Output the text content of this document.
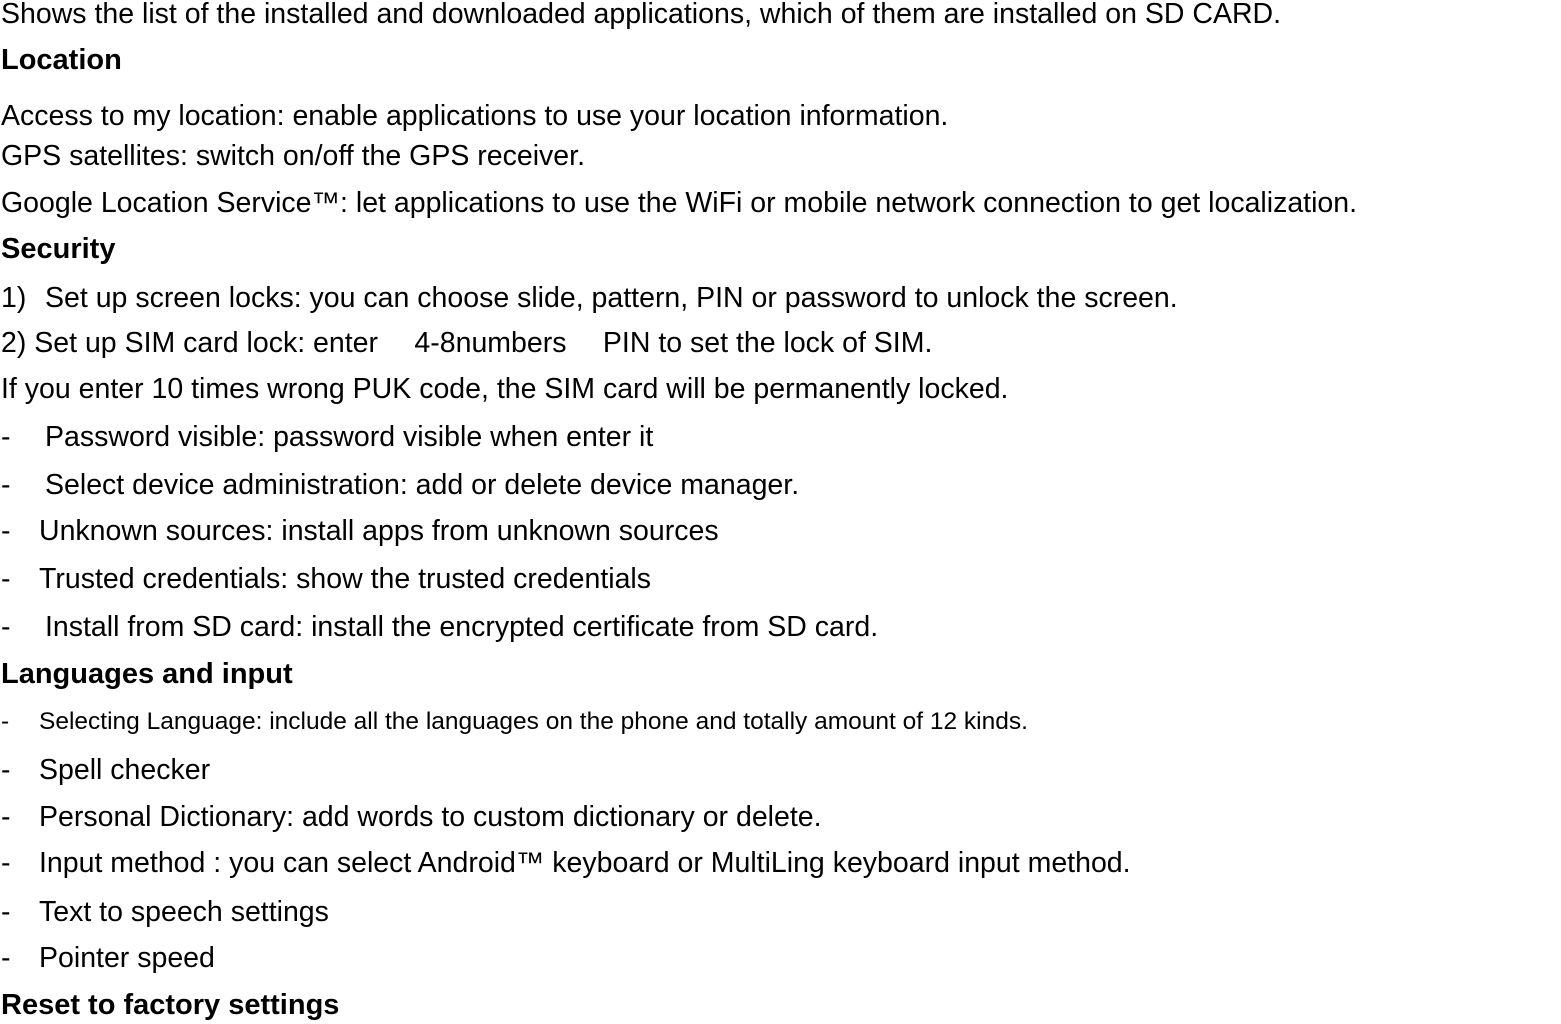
Shows the list of the installed and downloaded applications, which of them are installed on SD CARD.

Location

Access to my location: enable applications to use your location information.

GPS satellites: switch on/off the GPS receiver.

Google Location Service™: let applications to use the WiFi or mobile network connection to get localization.

Security

1) Set up screen locks: you can choose slide, pattern, PIN or password to unlock the screen.

2) Set up SIM card lock: enter  4-8numbers  PIN to set the lock of SIM.

If you enter 10 times wrong PUK code, the SIM card will be permanently locked.

- Password visible: password visible when enter it

- Select device administration: add or delete device manager.

- Unknown sources: install apps from unknown sources

- Trusted credentials: show the trusted credentials

- Install from SD card: install the encrypted certificate from SD card.

Languages and input

- Selecting Language: include all the languages on the phone and totally amount of 12 kinds.

- Spell checker

- Personal Dictionary: add words to custom dictionary or delete.

- Input method : you can select Android™ keyboard or MultiLing keyboard input method.

- Text to speech settings

- Pointer speed

Reset to factory settings
